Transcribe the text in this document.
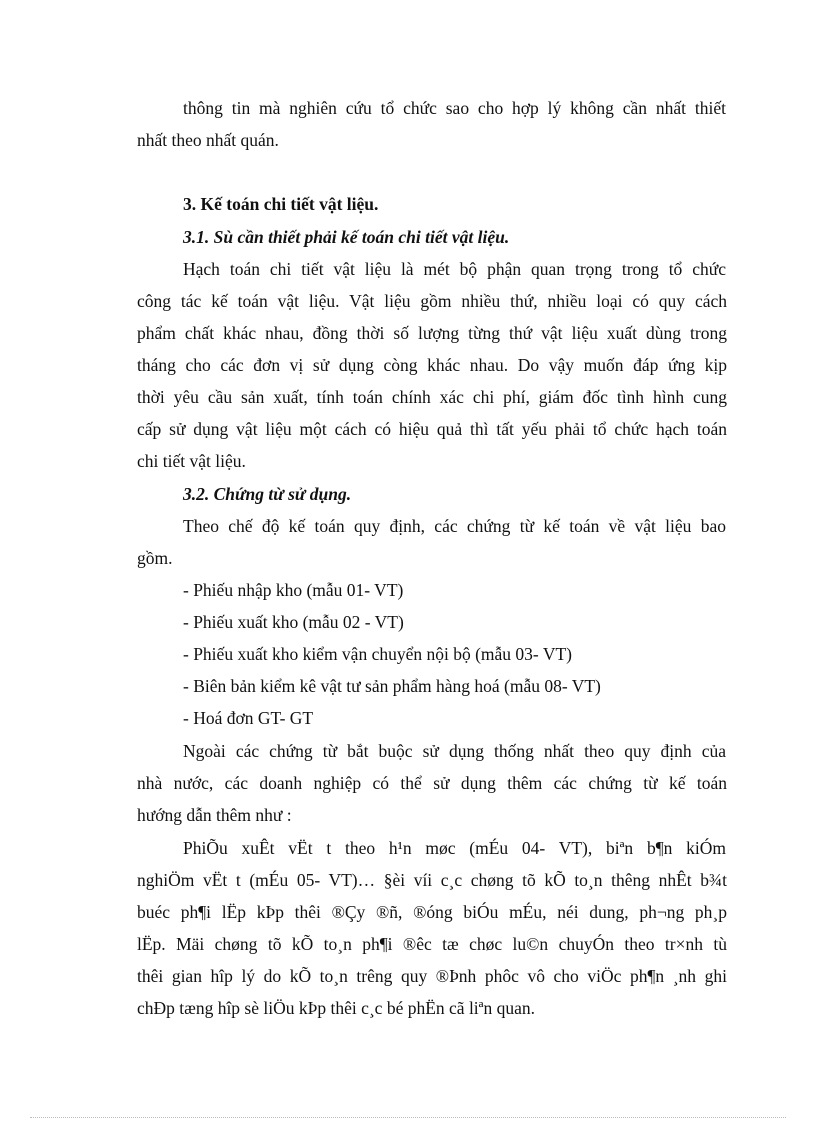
thông tin mà nghiên cứu tổ chức sao cho hợp lý không cần nhất thiết
nhất theo nhất quán.
3. Kế toán chi tiết vật liệu.
3.1. Sù cần thiết phải kế toán chi tiết vật liệu.
Hạch toán chi tiết vật liệu là mét bộ phận quan trọng trong tổ chức
công tác kế toán vật liệu. Vật liệu gồm nhiều thứ, nhiều loại có quy cách
phẩm chất khác nhau, đồng thời số lượng từng thứ vật liệu xuất dùng trong
tháng cho các đơn vị sử dụng còng khác nhau. Do vậy muốn đáp ứng kịp
thời yêu cầu sản xuất, tính toán chính xác chi phí, giám đốc tình hình cung
cấp sử dụng vật liệu một cách có hiệu quả thì tất yếu phải tổ chức hạch toán
chi tiết vật liệu.
3.2. Chứng từ sử dụng.
Theo chế độ kế toán quy định, các chứng từ kế toán về vật liệu bao
gồm.
- Phiếu nhập kho (mẫu 01- VT)
- Phiếu xuất kho (mẫu 02 - VT)
- Phiếu xuất kho kiểm vận chuyển nội bộ (mẫu 03- VT)
- Biên bản kiểm kê vật tư sản phẩm hàng hoá (mẫu 08- VT)
- Hoá đơn GT- GT
Ngoài các chứng từ bắt buộc sử dụng thống nhất theo quy định của
nhà nước, các doanh nghiệp có thể sử dụng thêm các chứng từ kế toán
hướng dẫn thêm như :
PhiÕu xuÊt vËt t theo h¹n møc (mÉu 04- VT), biªn b¶n kiÓm
nghiÖm vËt t (mÉu 05- VT)… §èi víi c¸c chøng tõ kÕ to¸n thêng nhÊt b¾t
buéc ph¶i lËp kÞp thêi ®Çy ®ñ, ®óng biÓu mÉu, néi dung, ph¬ng ph¸p
lËp. Mäi chøng tõ kÕ to¸n ph¶i ®êc tæ chøc lu©n chuyÓn theo tr×nh tù
thêi gian hîp lý do kÕ to¸n trêng quy ®Þnh phôc vô cho viÖc ph¶n ¸nh ghi
chÐp tæng hîp sè liÖu kÞp thêi c¸c bé phËn cã liªn quan.
